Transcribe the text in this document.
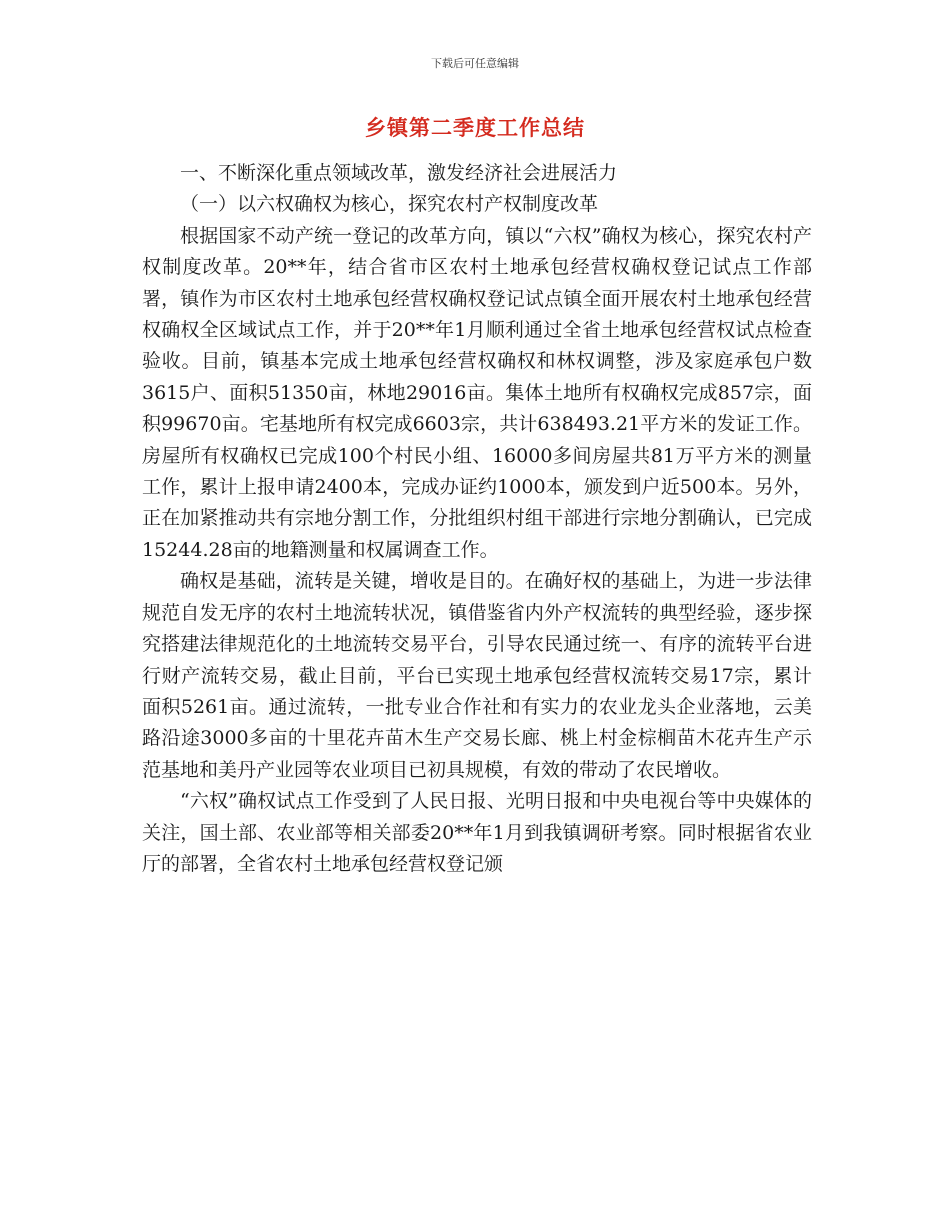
下载后可任意编辑
乡镇第二季度工作总结

一、不断深化重点领域改革，激发经济社会进展活力

（一）以六权确权为核心，探究农村产权制度改革

根据国家不动产统一登记的改革方向，镇以“六权”确权为核心，探究农村产权制度改革。20**年，结合省市区农村土地承包经营权确权登记试点工作部署，镇作为市区农村土地承包经营权确权登记试点镇全面开展农村土地承包经营权确权全区域试点工作，并于20**年1月顺利通过全省土地承包经营权试点检查验收。目前，镇基本完成土地承包经营权确权和林权调整，涉及家庭承包户数3615户、面积51350亩，林地29016亩。集体土地所有权确权完成857宗，面积99670亩。宅基地所有权完成6603宗，共计638493.21平方米的发证工作。房屋所有权确权已完成100个村民小组、16000多间房屋共81万平方米的测量工作，累计上报申请2400本，完成办证约1000本，颁发到户近500本。另外，正在加紧推动共有宗地分割工作，分批组织村组干部进行宗地分割确认，已完成15244.28亩的地籍测量和权属调查工作。

确权是基础，流转是关键，增收是目的。在确好权的基础上，为进一步法律规范自发无序的农村土地流转状况，镇借鉴省内外产权流转的典型经验，逐步探究搭建法律规范化的土地流转交易平台，引导农民通过统一、有序的流转平台进行财产流转交易，截止目前，平台已实现土地承包经营权流转交易17宗，累计面积5261亩。通过流转，一批专业合作社和有实力的农业龙头企业落地，云美路沿途3000多亩的十里花卉苗木生产交易长廊、桃上村金棕榈苗木花卉生产示范基地和美丹产业园等农业项目已初具规模，有效的带动了农民增收。

“六权”确权试点工作受到了人民日报、光明日报和中央电视台等中央媒体的关注，国土部、农业部等相关部委20**年1月到我镇调研考察。同时根据省农业厅的部署，全省农村土地承包经营权登记颁
